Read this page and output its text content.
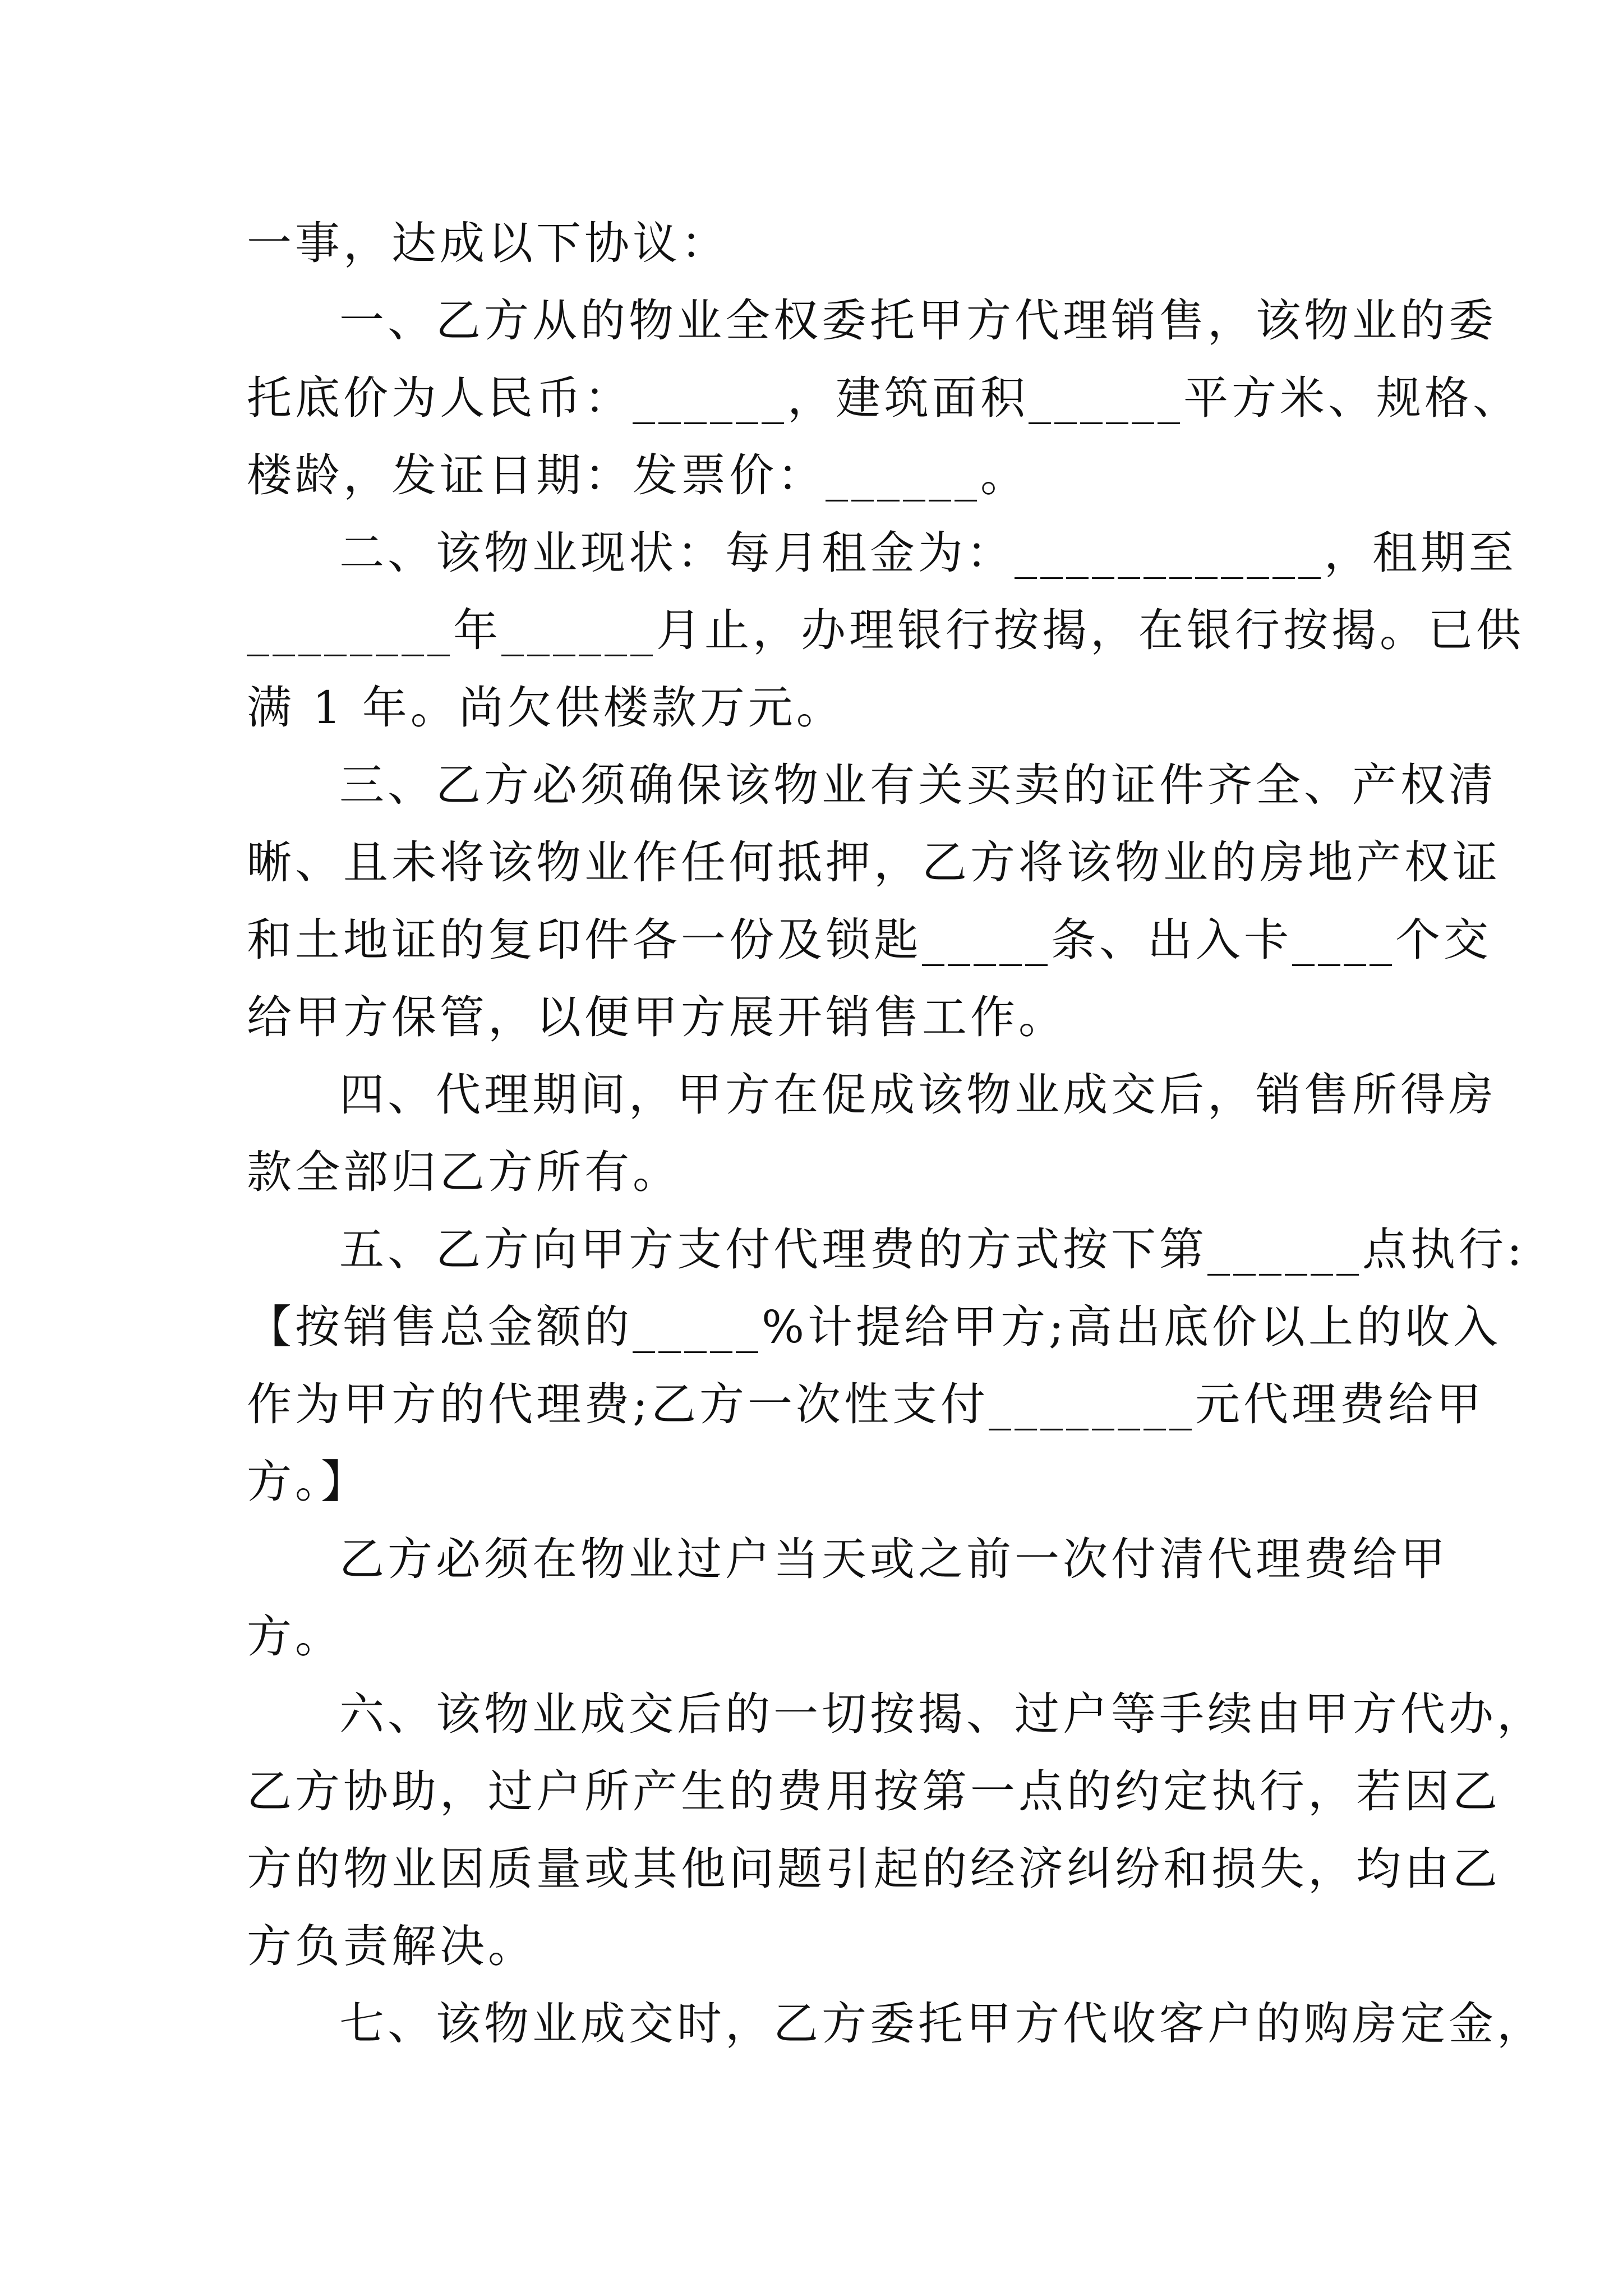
一事，达成以下协议：
一、乙方从的物业全权委托甲方代理销售，该物业的委
托底价为人民币：______，建筑面积______平方米、规格、
楼龄，发证日期：发票价：______。
二、该物业现状：每月租金为：____________，租期至
________年______月止，办理银行按揭，在银行按揭。已供
满 1 年。尚欠供楼款万元。
三、乙方必须确保该物业有关买卖的证件齐全、产权清
晰、且未将该物业作任何抵押，乙方将该物业的房地产权证
和土地证的复印件各一份及锁匙_____条、出入卡____个交
给甲方保管，以便甲方展开销售工作。
四、代理期间，甲方在促成该物业成交后，销售所得房
款全部归乙方所有。
五、乙方向甲方支付代理费的方式按下第______点执行:
【按销售总金额的_____%计提给甲方;高出底价以上的收入
作为甲方的代理费;乙方一次性支付________元代理费给甲
方。】
乙方必须在物业过户当天或之前一次付清代理费给甲
方。
六、该物业成交后的一切按揭、过户等手续由甲方代办，
乙方协助，过户所产生的费用按第一点的约定执行，若因乙
方的物业因质量或其他问题引起的经济纠纷和损失，均由乙
方负责解决。
七、该物业成交时，乙方委托甲方代收客户的购房定金，
